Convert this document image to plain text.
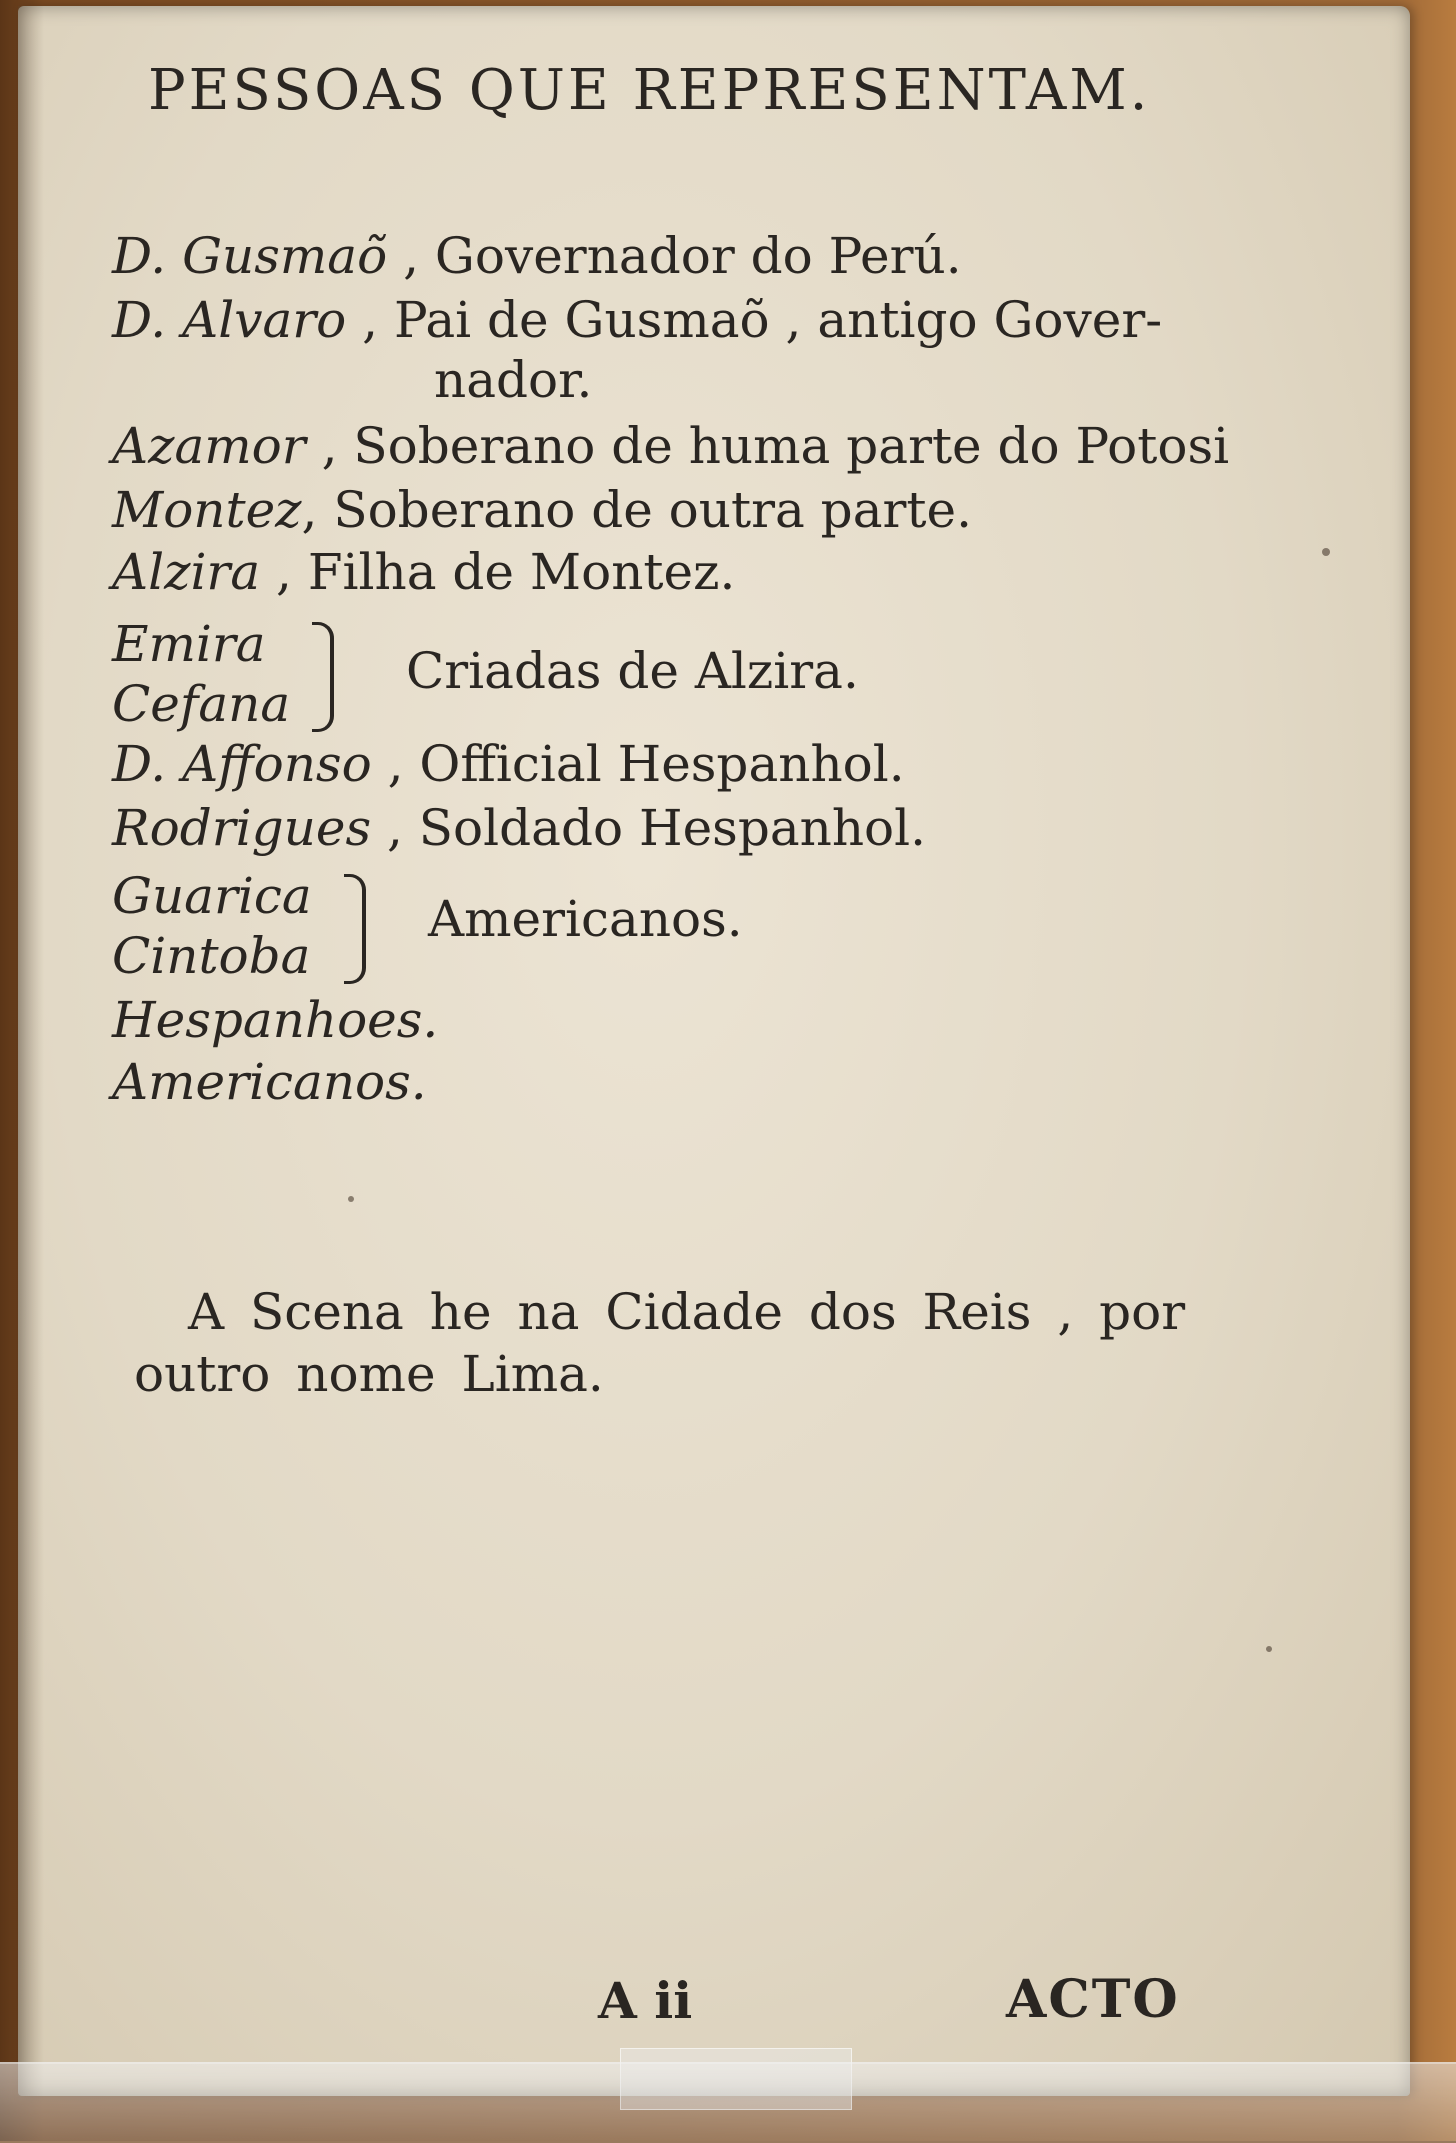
PESSOAS QUE REPRESENTAM.
D. Gusmaõ , Governador do Perú.
D. Alvaro , Pai de Gusmaõ , antigo Gover-
nador.
Azamor , Soberano de huma parte do Potosi
Montez, Soberano de outra parte.
Alzira , Filha de Montez.
Emira
Cefana
Criadas de Alzira.
D. Affonso , Official Hespanhol.
Rodrigues , Soldado Hespanhol.
Guarica
Cintoba
Americanos.
Hespanhoes.
Americanos.

A Scena he na Cidade dos Reis , por outro nome Lima.

A ii	ACTO
